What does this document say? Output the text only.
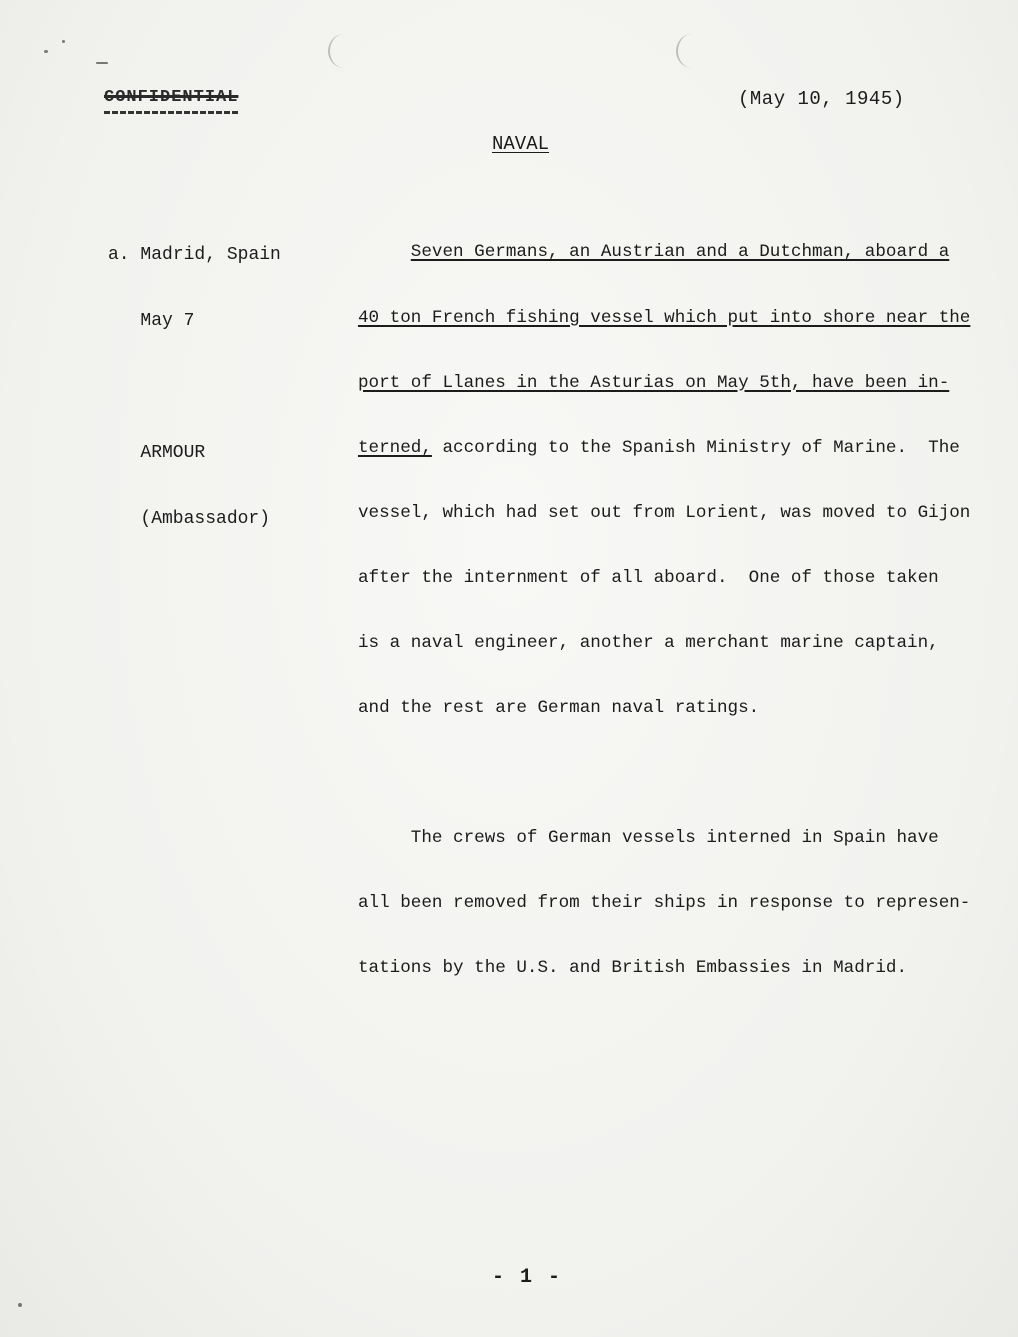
CONFIDENTIAL	(May 10, 1945)
NAVAL

a. Madrid, Spain

May 7

ARMOUR

(Ambassador)

Seven Germans, an Austrian and a Dutchman, aboard a

40 ton French fishing vessel which put into shore near the

port of Llanes in the Asturias on May 5th, have been in-

terned, according to the Spanish Ministry of Marine.  The

vessel, which had set out from Lorient, was moved to Gijon

after the internment of all aboard.  One of those taken

is a naval engineer, another a merchant marine captain,

and the rest are German naval ratings.

The crews of German vessels interned in Spain have

all been removed from their ships in response to represen-

tations by the U.S. and British Embassies in Madrid.

- 1 -
